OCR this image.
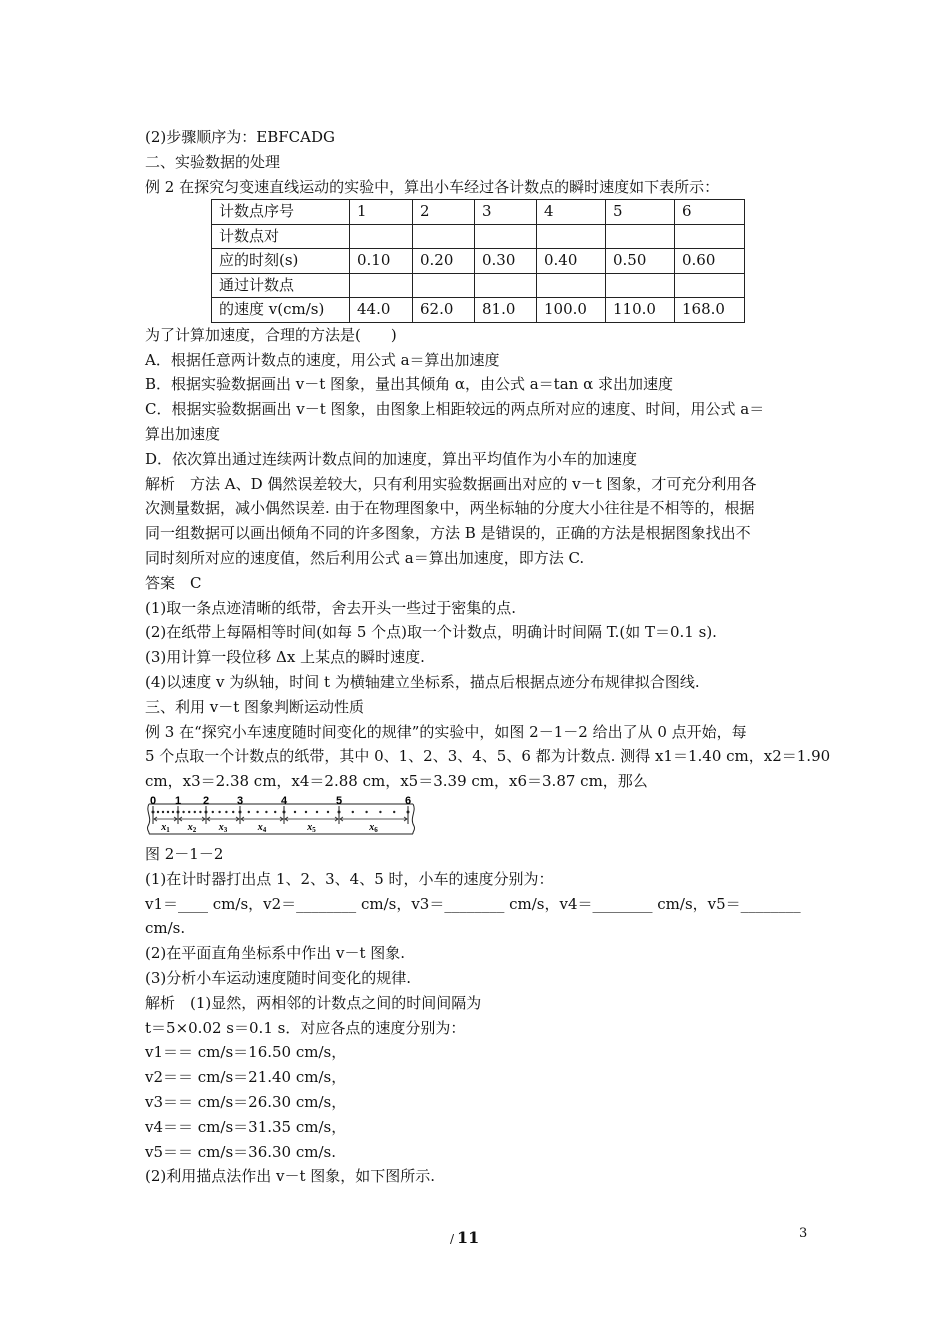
(2)步骤顺序为：EBFCADG
二、实验数据的处理
例 2 在探究匀变速直线运动的实验中，算出小车经过各计数点的瞬时速度如下表所示：
计数点序号	1	2	3	4	5	6
计数点对						
应的时刻(s)	0.10	0.20	0.30	0.40	0.50	0.60
通过计数点						
的速度 v(cm/s)	44.0	62.0	81.0	100.0	110.0	168.0
为了计算加速度，合理的方法是(　　)
A．根据任意两计数点的速度，用公式 a＝算出加速度
B．根据实验数据画出 v－t 图象，量出其倾角 α，由公式 a＝tan α 求出加速度
C．根据实验数据画出 v－t 图象，由图象上相距较远的两点所对应的速度、时间，用公式 a＝
算出加速度
D．依次算出通过连续两计数点间的加速度，算出平均值作为小车的加速度
解析　方法 A、D 偶然误差较大，只有利用实验数据画出对应的 v－t 图象，才可充分利用各
次测量数据，减小偶然误差. 由于在物理图象中，两坐标轴的分度大小往往是不相等的，根据
同一组数据可以画出倾角不同的许多图象，方法 B 是错误的，正确的方法是根据图象找出不
同时刻所对应的速度值，然后利用公式 a＝算出加速度，即方法 C.
答案　C
(1)取一条点迹清晰的纸带，舍去开头一些过于密集的点.
(2)在纸带上每隔相等时间(如每 5 个点)取一个计数点，明确计时间隔 T.(如 T＝0.1 s).
(3)用计算一段位移 Δx 上某点的瞬时速度.
(4)以速度 v 为纵轴，时间 t 为横轴建立坐标系，描点后根据点迹分布规律拟合图线.
三、利用 v－t 图象判断运动性质
例 3 在“探究小车速度随时间变化的规律”的实验中，如图 2－1－2 给出了从 0 点开始，每
5 个点取一个计数点的纸带，其中 0、1、2、3、4、5、6 都为计数点. 测得 x1＝1.40 cm，x2＝1.90
cm，x3＝2.38 cm，x4＝2.88 cm，x5＝3.39 cm，x6＝3.87 cm，那么
0 1 2	3	4	5	6
$x_1$ $x_2$ $x_3$	$x_4$	$x_5$	$x_6$
图 2－1－2
(1)在计时器打出点 1、2、3、4、5 时，小车的速度分别为：
v1＝____ cm/s，v2＝________ cm/s，v3＝________ cm/s，v4＝________ cm/s，v5＝________
cm/s.
(2)在平面直角坐标系中作出 v－t 图象.
(3)分析小车运动速度随时间变化的规律.
解析　(1)显然，两相邻的计数点之间的时间间隔为
t＝5×0.02 s＝0.1 s．对应各点的速度分别为：
v1＝＝ cm/s＝16.50 cm/s，
v2＝＝ cm/s＝21.40 cm/s，
v3＝＝ cm/s＝26.30 cm/s，
v4＝＝ cm/s＝31.35 cm/s，
v5＝＝ cm/s＝36.30 cm/s.
(2)利用描点法作出 v－t 图象，如下图所示.
/ 11	3
